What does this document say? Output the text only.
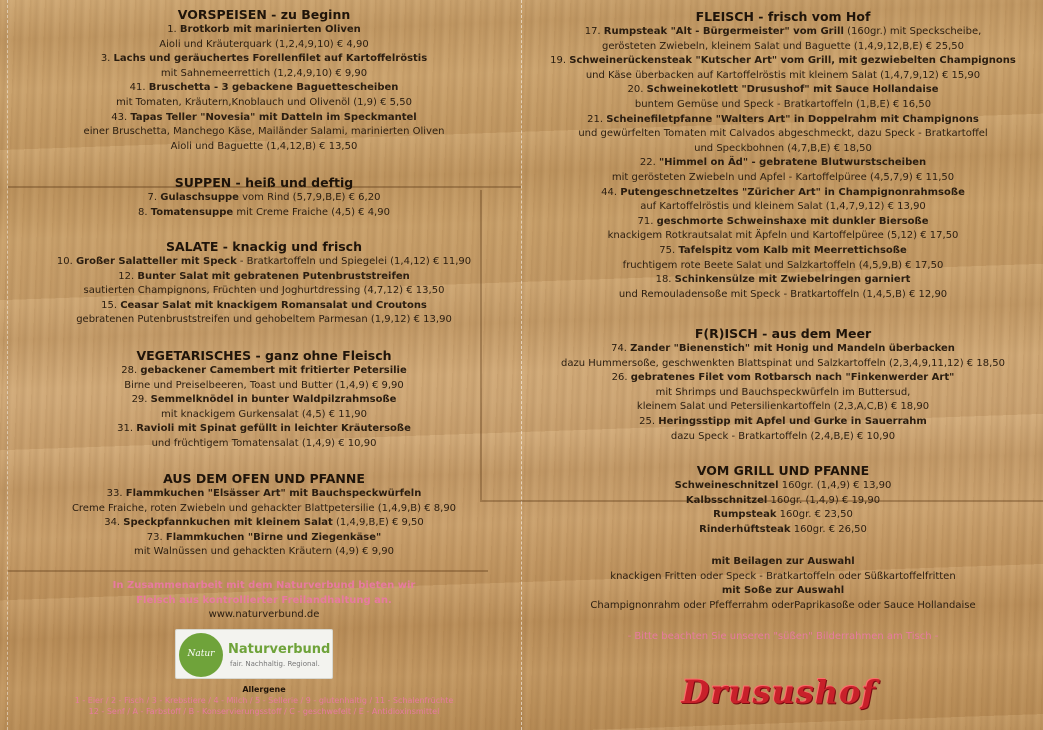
VORSPEISEN - zu Beginn
1. Brotkorb mit marinierten Oliven
Aioli und Kräuterquark (1,2,4,9,10) € 4,90
3. Lachs und geräuchertes Forellenfilet auf Kartoffelröstis
mit Sahnemeerrettich (1,2,4,9,10) € 9,90
41. Bruschetta - 3 gebackene Baguettescheiben
mit Tomaten, Kräutern,Knoblauch und Olivenöl (1,9) € 5,50
43. Tapas Teller "Novesia" mit Datteln im Speckmantel
einer Bruschetta, Manchego Käse, Mailänder Salami, marinierten Oliven
Aioli und Baguette (1,4,12,B) € 13,50
SUPPEN - heiß und deftig
7. Gulaschsuppe vom Rind (5,7,9,B,E) € 6,20
8. Tomatensuppe mit Creme Fraiche (4,5) € 4,90
SALATE - knackig und frisch
10. Großer Salatteller mit Speck - Bratkartoffeln und Spiegelei (1,4,12) € 11,90
12. Bunter Salat mit gebratenen Putenbruststreifen
sautierten Champignons, Früchten und Joghurtdressing (4,7,12) € 13,50
15. Ceasar Salat mit knackigem Romansalat und Croutons
gebratenen Putenbruststreifen und gehobeltem Parmesan (1,9,12) € 13,90
VEGETARISCHES - ganz ohne Fleisch
28. gebackener Camembert mit fritierter Petersilie
Birne und Preiselbeeren, Toast und Butter (1,4,9) € 9,90
29. Semmelknödel in bunter Waldpilzrahmsoße
mit knackigem Gurkensalat (4,5) € 11,90
31. Ravioli mit Spinat gefüllt in leichter Kräutersoße
und früchtigem Tomatensalat (1,4,9) € 10,90
AUS DEM OFEN UND PFANNE
33. Flammkuchen "Elsässer Art" mit Bauchspeckwürfeln
Creme Fraiche, roten Zwiebeln und gehackter Blattpetersilie (1,4,9,B) € 8,90
34. Speckpfannkuchen mit kleinem Salat (1,4,9,B,E) € 9,50
73. Flammkuchen "Birne und Ziegenkäse"
mit Walnüssen und gehackten Kräutern (4,9) € 9,90
In Zusammenarbeit mit dem Naturverbund bieten wir
Fleisch aus kontrollierter Freilandhaltung an.
www.naturverbund.de
Allergene
1 - Eier / 2 - Fisch / 3 - Krebstiere / 4 - Milch / 5 - Sellerie / 9 - glutenhaltig / 11 - Schalenfrüchte
12 - Senf / A - Farbstoff / B - Konservierungsstoff / C - geschwefelt / E - Antidioxinsmittel
Natur Naturverbund
fair. Nachhaltig. Regional.
FLEISCH - frisch vom Hof
17. Rumpsteak "Alt - Bürgermeister" vom Grill (160gr.) mit Speckscheibe,
gerösteten Zwiebeln, kleinem Salat und Baguette (1,4,9,12,B,E) € 25,50
19. Schweinerückensteak "Kutscher Art" vom Grill, mit gezwiebelten Champignons
und Käse überbacken auf Kartoffelröstis mit kleinem Salat (1,4,7,9,12) € 15,90
20. Schweinekotlett "Drusushof" mit Sauce Hollandaise
buntem Gemüse und Speck - Bratkartoffeln (1,B,E) € 16,50
21. Scheinefiletpfanne "Walters Art" in Doppelrahm mit Champignons
und gewürfelten Tomaten mit Calvados abgeschmeckt, dazu Speck - Bratkartoffel
und Speckbohnen (4,7,B,E) € 18,50
22. "Himmel on Äd" - gebratene Blutwurstscheiben
mit gerösteten Zwiebeln und Apfel - Kartoffelpüree (4,5,7,9) € 11,50
44. Putengeschnetzeltes "Züricher Art" in Champignonrahmsoße
auf Kartoffelröstis und kleinem Salat (1,4,7,9,12) € 13,90
71. geschmorte Schweinshaxe mit dunkler Biersoße
knackigem Rotkrautsalat mit Äpfeln und Kartoffelpüree (5,12) € 17,50
75. Tafelspitz vom Kalb mit Meerrettichsoße
fruchtigem rote Beete Salat und Salzkartoffeln (4,5,9,B) € 17,50
18. Schinkensülze mit Zwiebelringen garniert
und Remouladensoße mit Speck - Bratkartoffeln (1,4,5,B) € 12,90
F(R)ISCH - aus dem Meer
74. Zander "Bienenstich" mit Honig und Mandeln überbacken
dazu Hummersoße, geschwenkten Blattspinat und Salzkartoffeln (2,3,4,9,11,12) € 18,50
26. gebratenes Filet vom Rotbarsch nach "Finkenwerder Art"
mit Shrimps und Bauchspeckwürfeln im Buttersud,
kleinem Salat und Petersilienkartoffeln (2,3,A,C,B) € 18,90
25. Heringsstipp mit Apfel und Gurke in Sauerrahm
dazu Speck - Bratkartoffeln (2,4,B,E) € 10,90
VOM GRILL UND PFANNE
Schweineschnitzel 160gr. (1,4,9) € 13,90
Kalbsschnitzel 160gr. (1,4,9) € 19,90
Rumpsteak 160gr. € 23,50
Rinderhüftsteak 160gr. € 26,50
mit Beilagen zur Auswahl
knackigen Fritten oder Speck - Bratkartoffeln oder Süßkartoffelfritten
mit Soße zur Auswahl
Champignonrahm oder Pfefferrahm oderPaprikasoße oder Sauce Hollandaise
- Bitte beachten Sie unseren "süßen" Bilderrahmen am Tisch -
Drusushof
